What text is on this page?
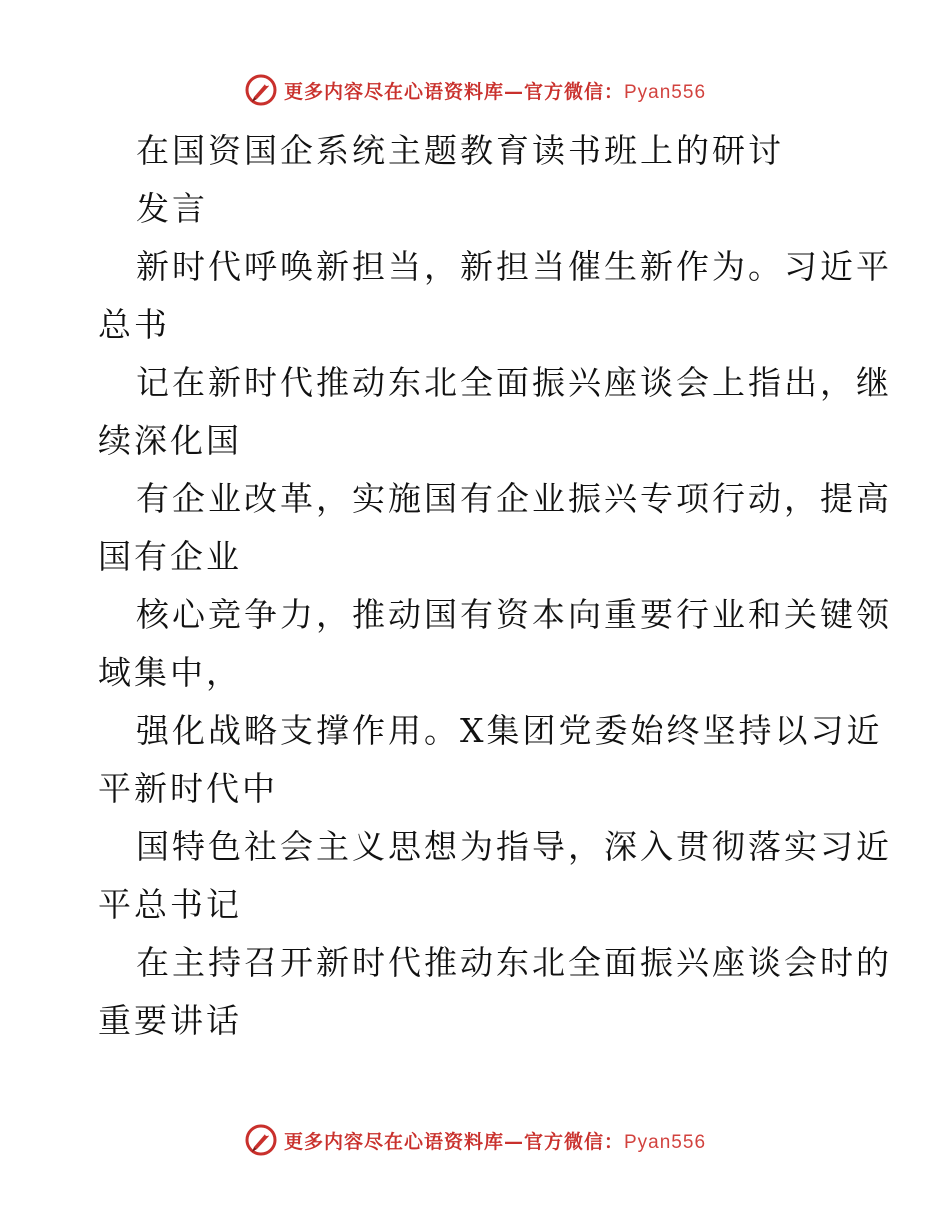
更多内容尽在心语资料库—官方微信：Pyan556
在国资国企系统主题教育读书班上的研讨
发言
新时代呼唤新担当，新担当催生新作为。习近平
总书
记在新时代推动东北全面振兴座谈会上指出，继
续深化国
有企业改革，实施国有企业振兴专项行动，提高
国有企业
核心竞争力，推动国有资本向重要行业和关键领
域集中，
强化战略支撑作用。X集团党委始终坚持以习近
平新时代中
国特色社会主义思想为指导，深入贯彻落实习近
平总书记
在主持召开新时代推动东北全面振兴座谈会时的
重要讲话
更多内容尽在心语资料库—官方微信：Pyan556
